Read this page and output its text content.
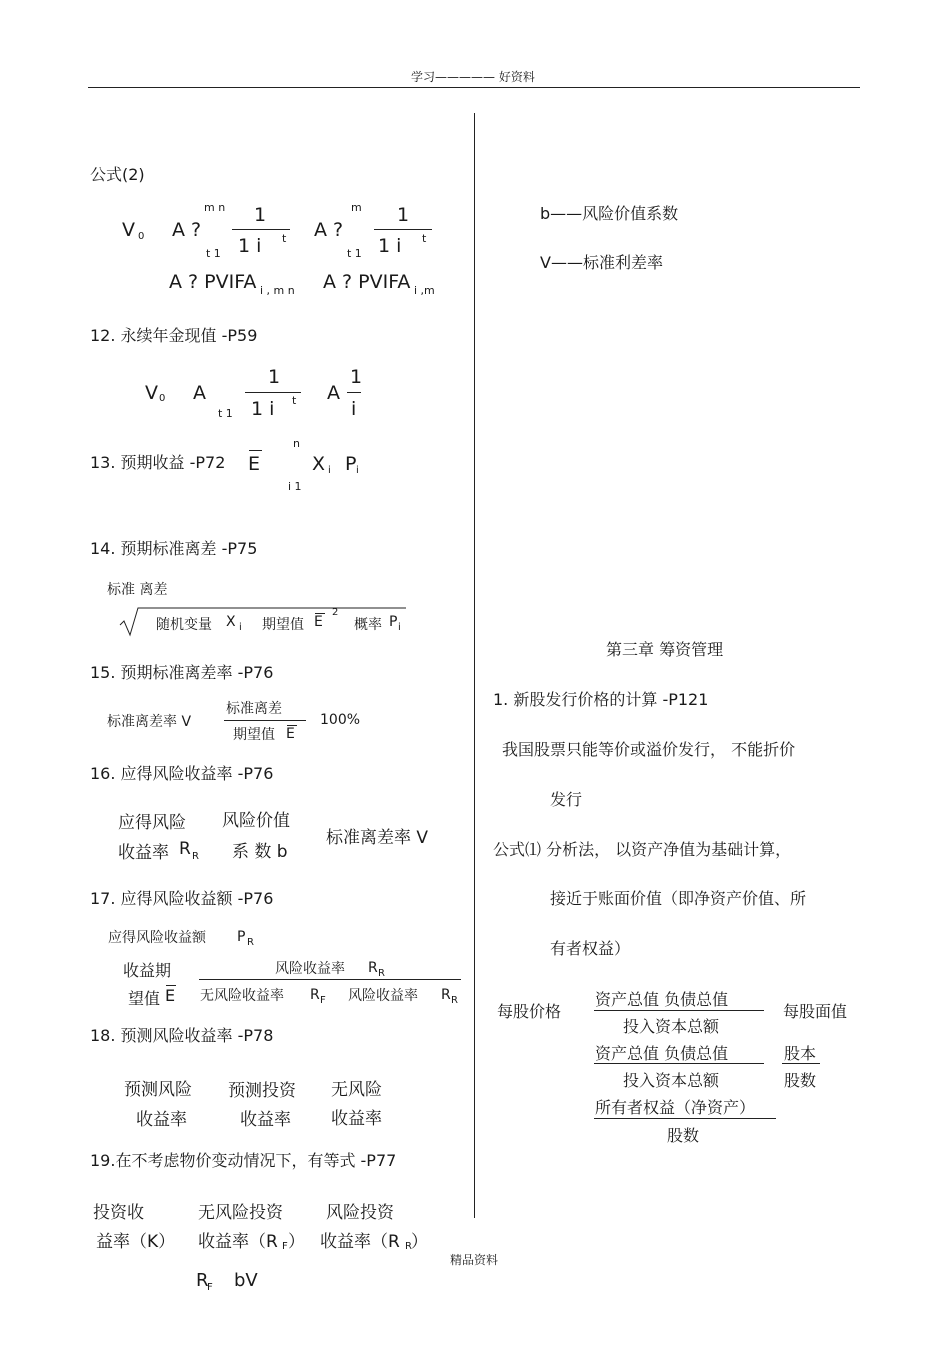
学习————— 好资料
精品资料
公式(2)
V 0 A ?
m n
t 1
1
1 i t A ?
m
t 1
1
1 i t
A ? PVIFA i , m n A ? PVIFA i ,m
12. 永续年金现值 -P59
V 0 A
t 1
1
1 i t A
1
i
13. 预期收益 -P72 E
n
i 1
X i P i
14. 预期标准离差 -P75
标准 离差
随机变量 X i 期望值 E
2
概率 P i
15. 预期标准离差率 -P76
标准离差率 V
标准离差
期望值 E
100%
16. 应得风险收益率 -P76
应得风险
收益率 R R
风险价值
系 数 b
标准离差率 V
17. 应得风险收益额 -P76
应得风险收益额 P R
收益期
望值 E
风险收益率 R R
无风险收益率 R F 风险收益率 R R
18. 预测风险收益率 -P78
预测风险
收益率
预测投资
收益率
无风险
收益率
19.在不考虑物价变动情况下，有等式 -P77
投资收
益率（K）
无风险投资
收益率（R F ）
风险投资
收益率（R R ）
R
F bV
b——风险价值系数
V——标准利差率
第三章 筹资管理
1. 新股发行价格的计算 -P121
我国股票只能等价或溢价发行， 不能折价
发行
公式⑴ 分析法， 以资产净值为基础计算，
接近于账面价值（即净资产价值、所
有者权益）
每股价格
资产总值 负债总值
投入资本总额
每股面值
资产总值 负债总值
投入资本总额
股本
股数
所有者权益（净资产）
股数
